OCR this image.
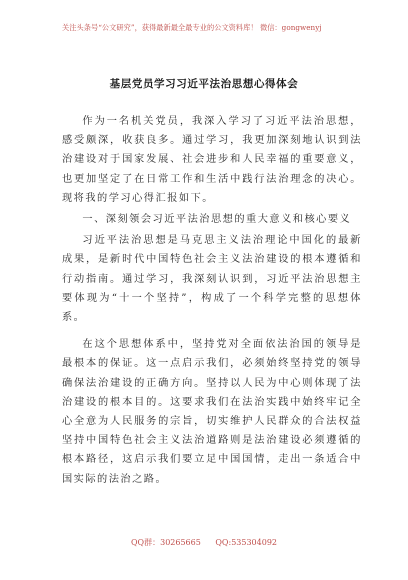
关注头条号“公文研究”，获得最新最全最专业的公文资料库！ 微信：gongwenyj
基层党员学习习近平法治思想心得体会

作为一名机关党员，我深入学习了习近平法治思想，感受颇深，收获良多。通过学习，我更加深刻地认识到法治建设对于国家发展、社会进步和人民幸福的重要意义，也更加坚定了在日常工作和生活中践行法治理念的决心。现将我的学习心得汇报如下。

一、深刻领会习近平法治思想的重大意义和核心要义

习近平法治思想是马克思主义法治理论中国化的最新成果，是新时代中国特色社会主义法治建设的根本遵循和行动指南。通过学习，我深刻认识到，习近平法治思想主要体现为“十一个坚持”，构成了一个科学完整的思想体系。

在这个思想体系中，坚持党对全面依法治国的领导是最根本的保证。这一点启示我们，必须始终坚持党的领导确保法治建设的正确方向。坚持以人民为中心则体现了法治建设的根本目的。这要求我们在法治实践中始终牢记全心全意为人民服务的宗旨，切实维护人民群众的合法权益坚持中国特色社会主义法治道路则是法治建设必须遵循的根本路径，这启示我们要立足中国国情，走出一条适合中国实际的法治之路。

QQ群：30265665 QQ:535304092
